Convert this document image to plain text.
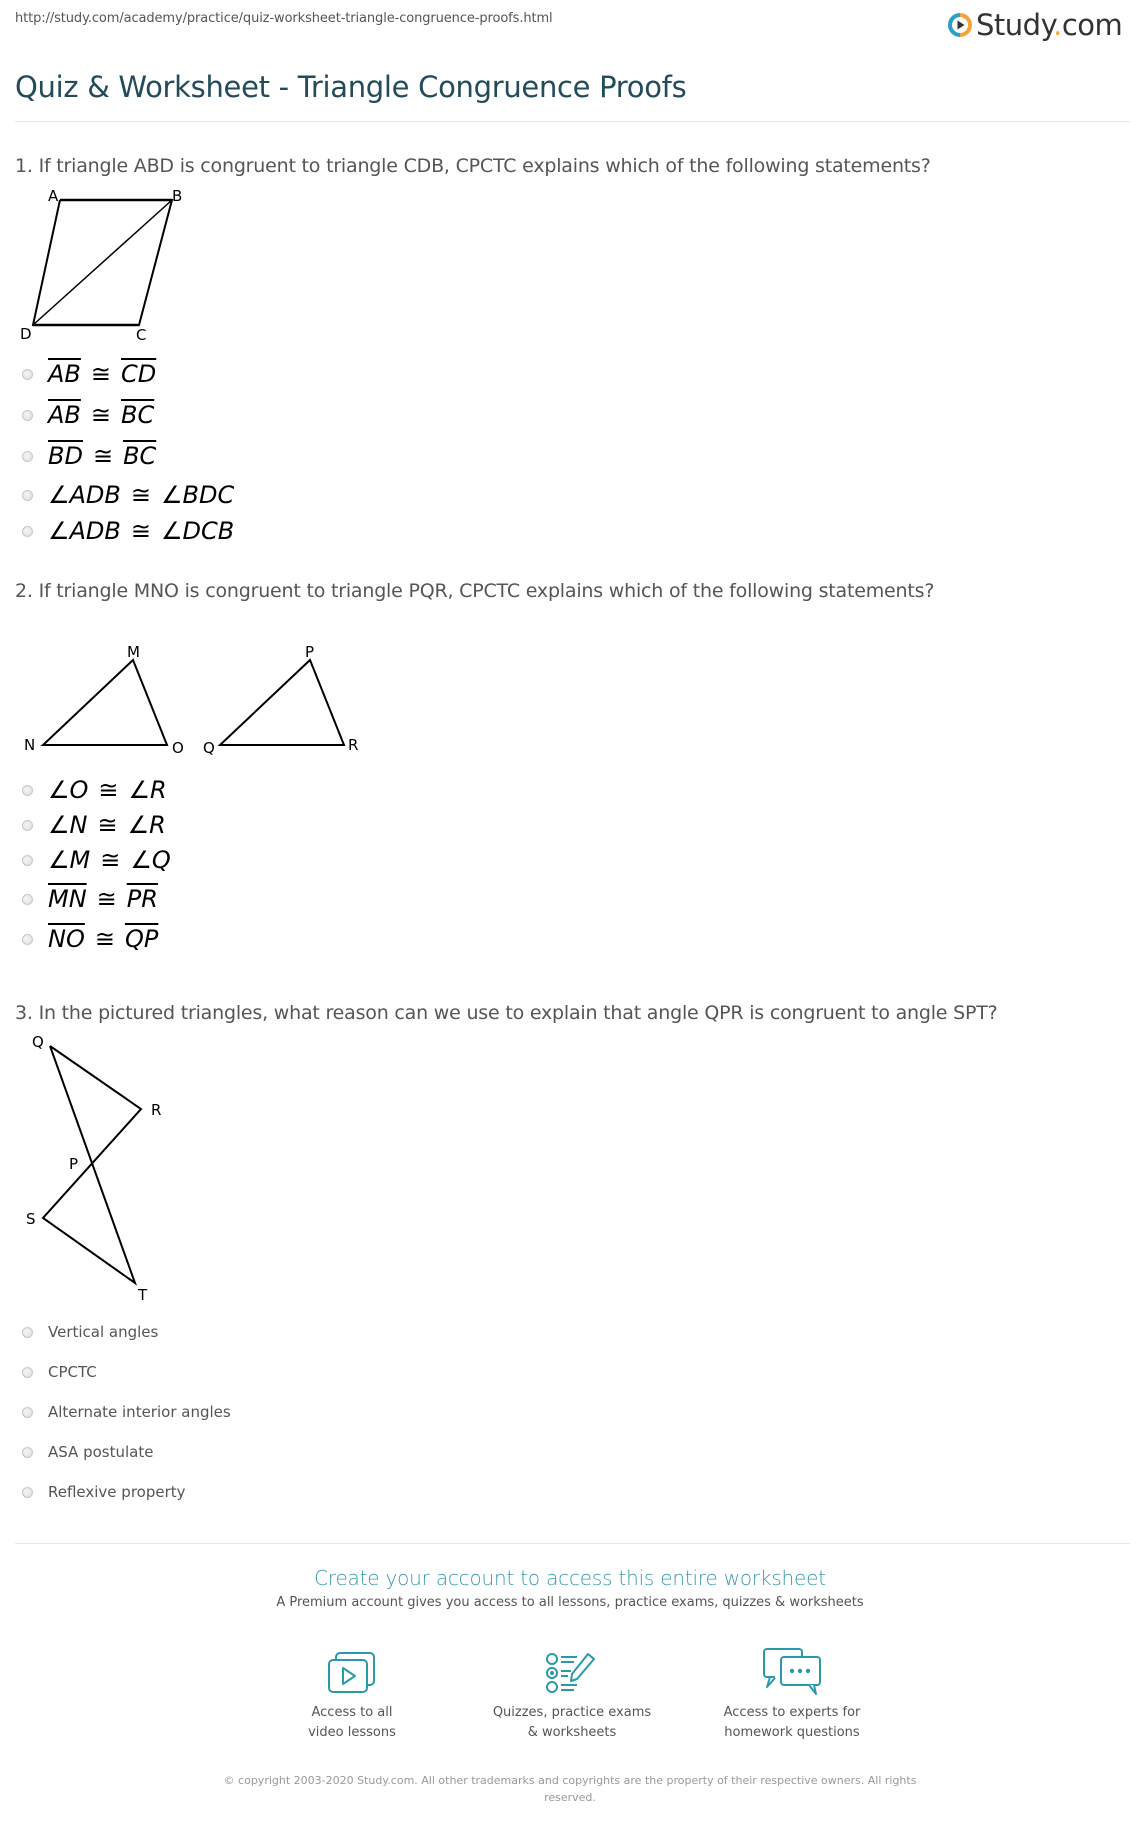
http://study.com/academy/practice/quiz-worksheet-triangle-congruence-proofs.html	Study.com
Quiz & Worksheet - Triangle Congruence Proofs
1. If triangle ABD is congruent to triangle CDB, CPCTC explains which of the following statements?
A	B
D	C
$\overline{AB}$ ≅ $\overline{CD}$
$\overline{AB}$ ≅ $\overline{BC}$
$\overline{BD}$ ≅ $\overline{BC}$
∠ADB ≅ ∠BDC
∠ADB ≅ ∠DCB
2. If triangle MNO is congruent to triangle PQR, CPCTC explains which of the following statements?
M
N	O
P
Q	R
∠O ≅ ∠R
∠N ≅ ∠R
∠M ≅ ∠Q
$\overline{MN}$ ≅ $\overline{PR}$
$\overline{NO}$ ≅ $\overline{QP}$
3. In the pictured triangles, what reason can we use to explain that angle QPR is congruent to angle SPT?
Q
R
P
S
T
Vertical angles
CPCTC
Alternate interior angles
ASA postulate
Reflexive property
Create your account to access this entire worksheet
A Premium account gives you access to all lessons, practice exams, quizzes & worksheets
Access to all
video lessons
Quizzes, practice exams
& worksheets
Access to experts for
homework questions
© copyright 2003-2020 Study.com. All other trademarks and copyrights are the property of their respective owners. All rights
reserved.
